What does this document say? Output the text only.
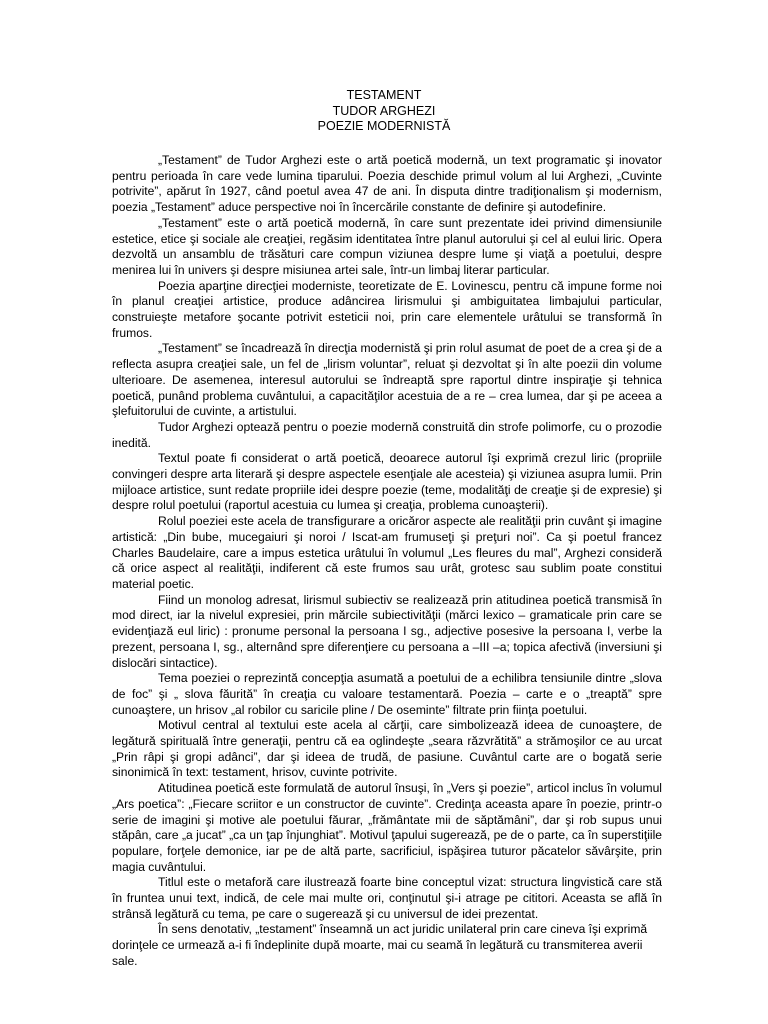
TESTAMENT
TUDOR ARGHEZI
POEZIE MODERNISTĂ

„Testament” de Tudor Arghezi este o artă poetică modernă, un text programatic şi inovator pentru perioada în care vede lumina tiparului. Poezia deschide primul volum al lui Arghezi, „Cuvinte potrivite”, apărut în 1927, când poetul avea 47 de ani. În disputa dintre tradiţionalism şi modernism, poezia „Testament” aduce perspective noi în încercările constante de definire şi autodefinire.

„Testament” este o artă poetică modernă, în care sunt prezentate idei privind dimensiunile estetice, etice şi sociale ale creaţiei, regăsim identitatea între planul autorului şi cel al eului liric. Opera dezvoltă un ansamblu de trăsături care compun viziunea despre lume şi viaţă a poetului, despre menirea lui în univers şi despre misiunea artei sale, într-un limbaj literar particular.

Poezia aparţine direcţiei moderniste, teoretizate de E. Lovinescu, pentru că impune forme noi în planul creaţiei artistice, produce adâncirea lirismului şi ambiguitatea limbajului particular, construieşte metafore şocante potrivit esteticii noi, prin care elementele urâtului se transformă în frumos.

„Testament” se încadrează în direcţia modernistă şi prin rolul asumat de poet de a crea şi de a reflecta asupra creaţiei sale, un fel de „lirism voluntar”, reluat şi dezvoltat şi în alte poezii din volume ulterioare. De asemenea, interesul autorului se îndreaptă spre raportul dintre inspiraţie şi tehnica poetică, punând problema cuvântului, a capacităţilor acestuia de a re – crea lumea, dar şi pe aceea a şlefuitorului de cuvinte, a artistului.

Tudor Arghezi optează pentru o poezie modernă construită din strofe polimorfe, cu o prozodie inedită.

Textul poate fi considerat o artă poetică, deoarece autorul îşi exprimă crezul liric (propriile convingeri despre arta literară şi despre aspectele esenţiale ale acesteia) şi viziunea asupra lumii. Prin mijloace artistice, sunt redate propriile idei despre poezie (teme, modalităţi de creaţie şi de expresie) şi despre rolul poetului (raportul acestuia cu lumea şi creaţia, problema cunoaşterii).

Rolul poeziei este acela de transfigurare a oricăror aspecte ale realităţii prin cuvânt şi imagine artistică: „Din bube, mucegaiuri şi noroi / Iscat-am frumuseţi şi preţuri noi”. Ca şi poetul francez Charles Baudelaire, care a impus estetica urâtului în volumul „Les fleures du mal”, Arghezi consideră că orice aspect al realităţii, indiferent că este frumos sau urât, grotesc sau sublim poate constitui material poetic.

Fiind un monolog adresat, lirismul subiectiv se realizează prin atitudinea poetică transmisă în mod direct, iar la nivelul expresiei, prin mărcile subiectivităţii (mărci lexico – gramaticale prin care se evidenţiază eul liric) : pronume personal la persoana I sg., adjective posesive la persoana I, verbe la prezent, persoana I, sg., alternând spre diferenţiere cu persoana a –III –a; topica afectivă (inversiuni şi dislocări sintactice).

Tema poeziei o reprezintă concepţia asumată a poetului de a echilibra tensiunile dintre „slova de foc” şi „ slova făurită” în creaţia cu valoare testamentară. Poezia – carte e o „treaptă” spre cunoaştere, un hrisov „al robilor cu saricile pline / De oseminte” filtrate prin fiinţa poetului.

Motivul central al textului este acela al cărţii, care simbolizează ideea de cunoaştere, de legătură spirituală între generaţii, pentru că ea oglindeşte „seara răzvrătită” a strămoşilor ce au urcat „Prin râpi şi gropi adânci”, dar şi ideea de trudă, de pasiune. Cuvântul carte are o bogată serie sinonimică în text: testament, hrisov, cuvinte potrivite.

Atitudinea poetică este formulată de autorul însuşi, în „Vers şi poezie”, articol inclus în volumul „Ars poetica”: „Fiecare scriitor e un constructor de cuvinte”. Credinţa aceasta apare în poezie, printr-o serie de imagini şi motive ale poetului făurar, „frământate mii de săptămâni”, dar şi rob supus unui stăpân, care „a jucat” „ca un ţap înjunghiat”. Motivul ţapului sugerează, pe de o parte, ca în superstiţiile populare, forţele demonice, iar pe de altă parte, sacrificiul, ispăşirea tuturor păcatelor săvârşite, prin magia cuvântului.

Titlul este o metaforă care ilustrează foarte bine conceptul vizat: structura lingvistică care stă în fruntea unui text, indică, de cele mai multe ori, conţinutul şi-i atrage pe cititori. Aceasta se află în strânsă legătură cu tema, pe care o sugerează şi cu universul de idei prezentat.

În sens denotativ, „testament” înseamnă un act juridic unilateral prin care cineva îşi exprimă dorinţele ce urmează a-i fi îndeplinite după moarte, mai cu seamă în legătură cu transmiterea averii sale.
